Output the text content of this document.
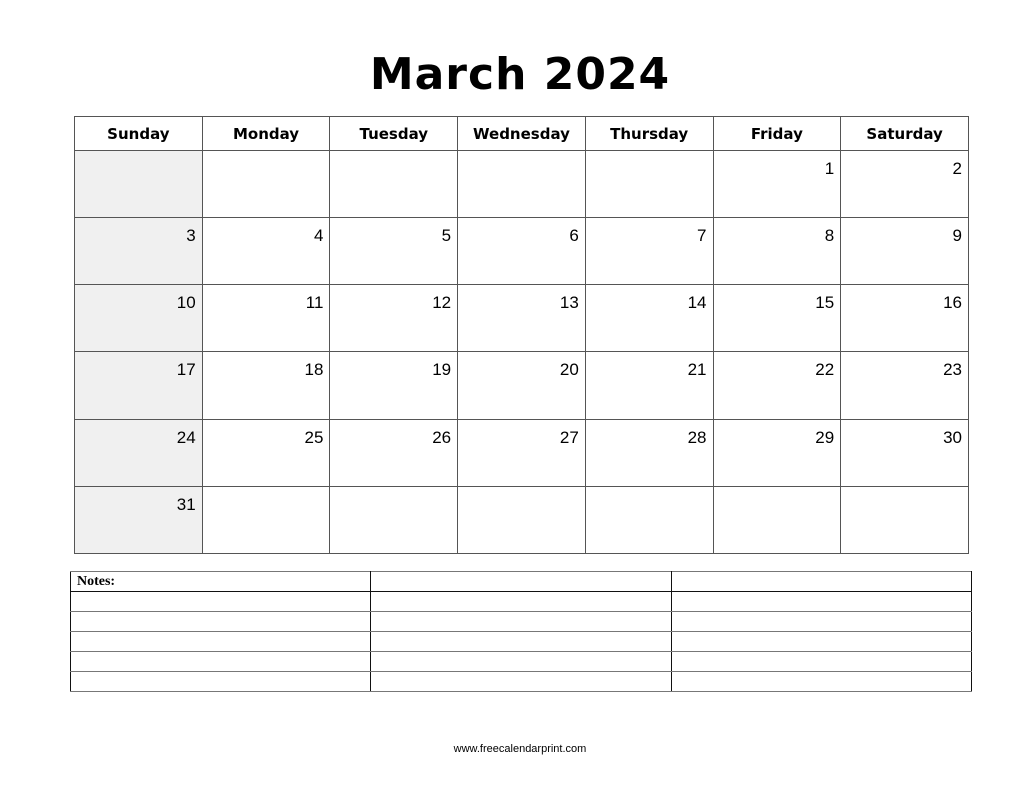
March 2024
Sunday	Monday	Tuesday	Wednesday	Thursday	Friday	Saturday

					1	2

3	4	5	6	7	8	9

10	11	12	13	14	15	16

17	18	19	20	21	22	23

24	25	26	27	28	29	30

31						

Notes:		

www.freecalendarprint.com
